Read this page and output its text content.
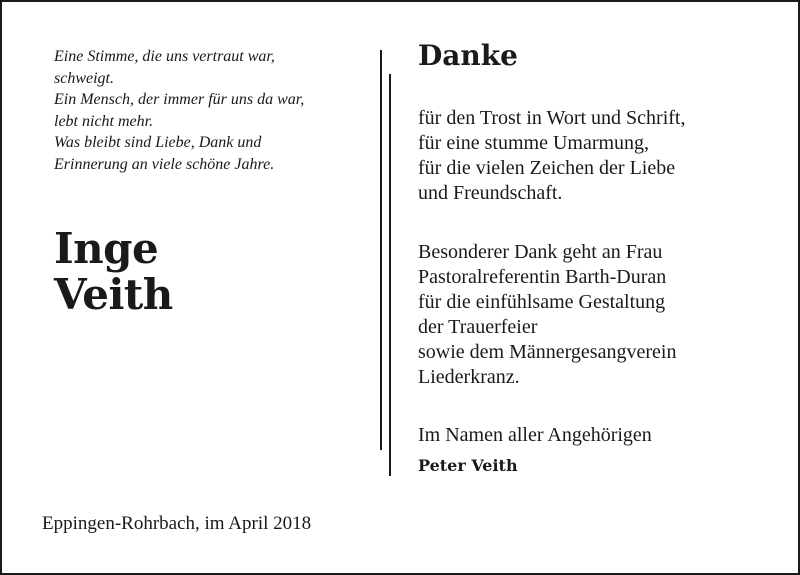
Eine Stimme, die uns vertraut war,
schweigt.
Ein Mensch, der immer für uns da war,
lebt nicht mehr.
Was bleibt sind Liebe, Dank und
Erinnerung an viele schöne Jahre.
Inge
Veith
Eppingen-Rohrbach, im April 2018
Danke
für den Trost in Wort und Schrift,
für eine stumme Umarmung,
für die vielen Zeichen der Liebe
und Freundschaft.
Besonderer Dank geht an Frau
Pastoralreferentin Barth-Duran
für die einfühlsame Gestaltung
der Trauerfeier
sowie dem Männergesangverein
Liederkranz.
Im Namen aller Angehörigen
Peter Veith
